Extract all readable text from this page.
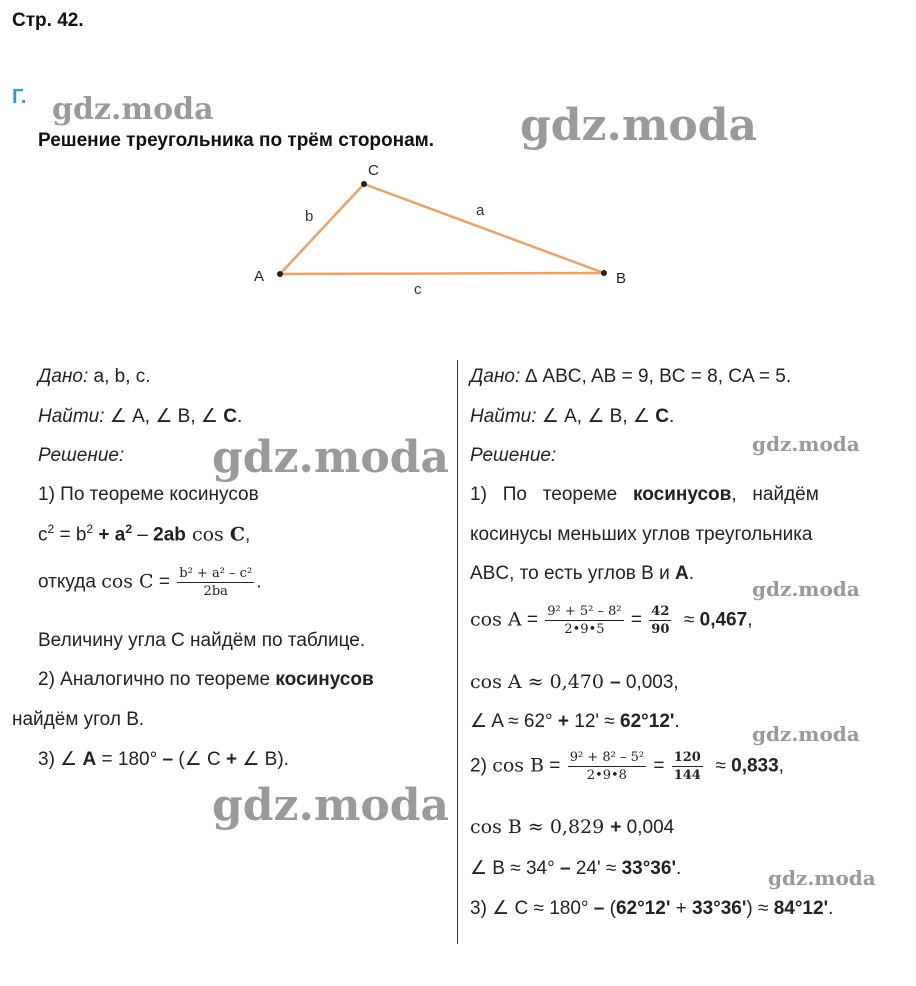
Стр. 42.
Г. gdz.moda	gdz.moda
Решение треугольника по трём сторонам.
A	B
C
b	a
c
Дано: a, b, c.
Найти: ∠ A, ∠ B, ∠ C.
Решение: gdz.moda
1) По теореме косинусов
$c^2 = b^2 + a^2 - 2ab$ cos C,
откуда $\cos C = \frac{\text{b² + a² – c²}}{2ba}$ .
Величину угла C найдём по таблице.
2) Аналогично по теореме косинусов
найдём угол B.
3) ∠ A = 180° – (∠ C + ∠ B).
gdz.moda
Дано: ∆ ABC, AB = 9, BC = 8, CA = 5.
Найти: ∠ A, ∠ B, ∠ C.
Решение:	gdz.moda
1)   По   теореме   косинусов,   найдём
косинусы меньших углов треугольника
ABC, то есть углов B и A.
gdz.moda
$\cos A = \frac{\text{9² + 5² – 8²}}{2•9•5} = \frac{42}{90} \approx 0,467$,
cos A ≈ 0,470 – 0,003,
∠ A ≈ 62° + 12' ≈ 62°12'.
gdz.moda
2) $\cos B = \frac{\text{9² + 8² – 5²}}{2•9•8} = \frac{120}{144} \approx 0,833$,
cos B ≈ 0,829 + 0,004
∠ B ≈ 34° – 24' ≈ 33°36'.	gdz.moda
3) ∠ C ≈ 180° – (62°12' + 33°36') ≈ 84°12'.
